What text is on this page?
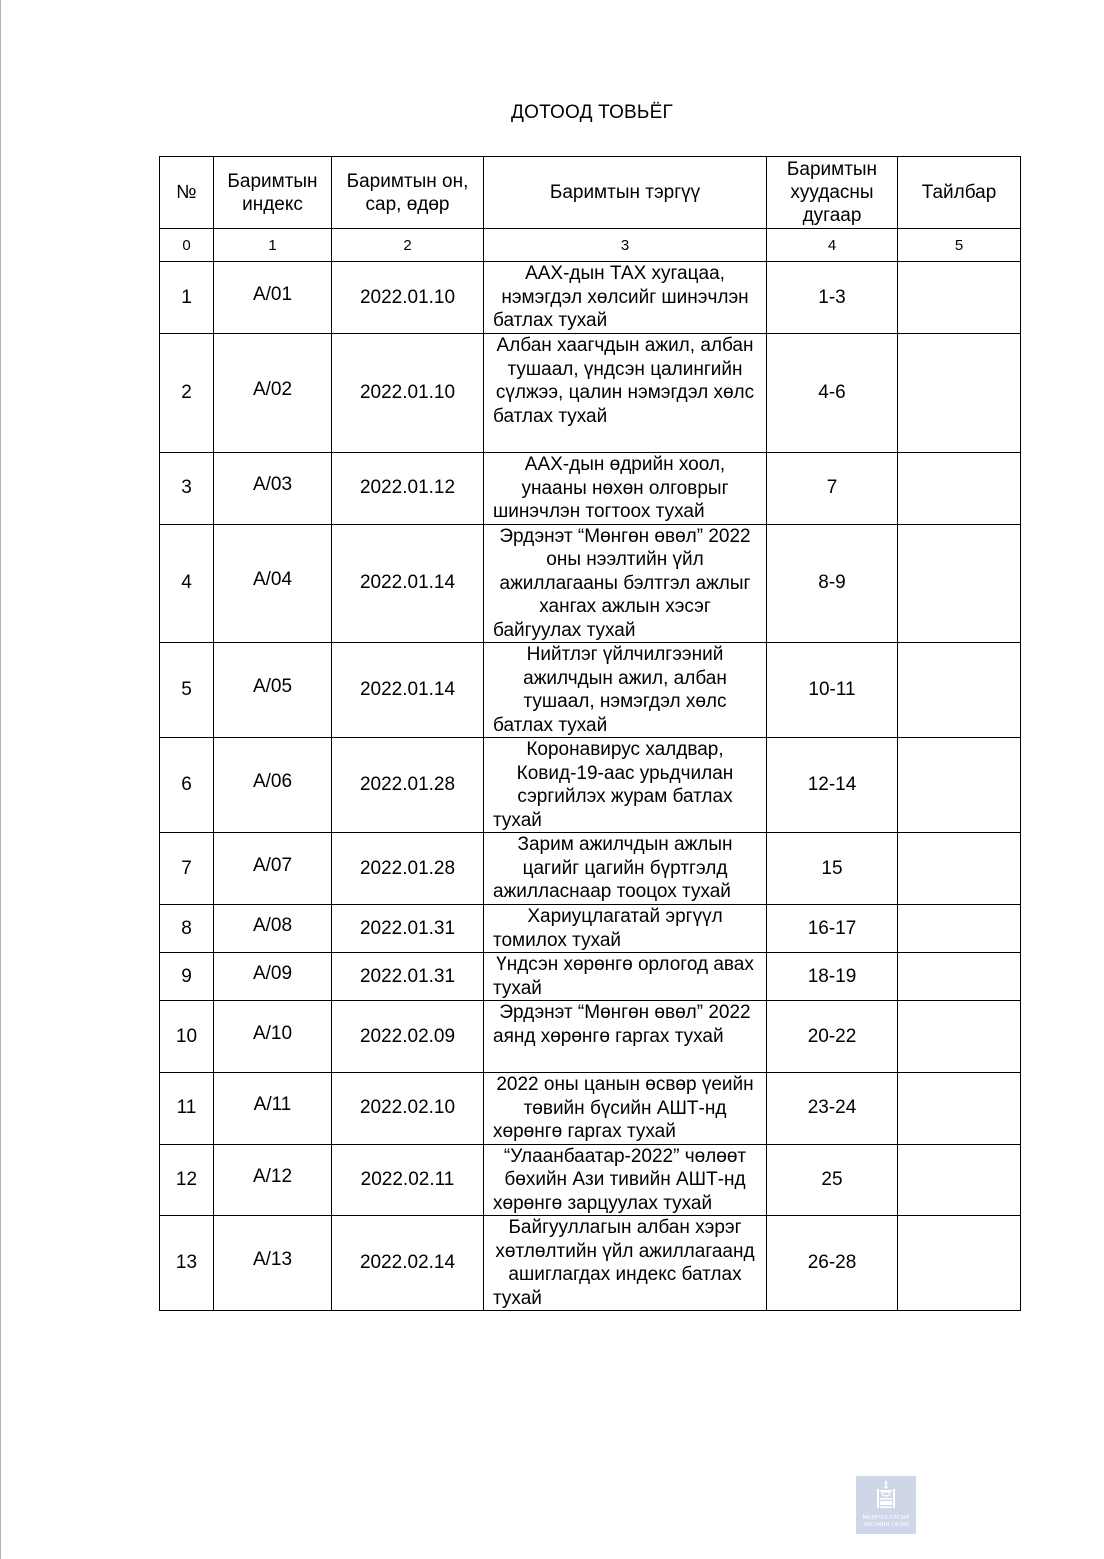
ДОТООД ТОВЬЁГ
№	Баримтын индекс	Баримтын он, сар, өдөр	Баримтын тэргүү	Баримтын хуудасны дугаар	Тайлбар
0	1	2	3	4	5
1	А/01	2022.01.10	ААХ-дын ТАХ хугацаа, нэмэгдэл хөлсийг шинэчлэн батлах тухай	1-3	
2	А/02	2022.01.10	Албан хаагчдын ажил, албан тушаал, үндсэн цалингийн сүлжээ, цалин нэмэгдэл хөлс батлах тухай	4-6	
3	А/03	2022.01.12	ААХ-дын өдрийн хоол, унааны нөхөн олговрыг шинэчлэн тогтоох тухай	7	
4	А/04	2022.01.14	Эрдэнэт “Мөнгөн өвөл” 2022 оны нээлтийн үйл ажиллагааны бэлтгэл ажлыг хангах ажлын хэсэг байгуулах тухай	8-9	
5	А/05	2022.01.14	Нийтлэг үйлчилгээний ажилчдын ажил, албан тушаал, нэмэгдэл хөлс батлах тухай	10-11	
6	А/06	2022.01.28	Коронавирус халдвар, Ковид-19-аас урьдчилан сэргийлэх журам батлах тухай	12-14	
7	А/07	2022.01.28	Зарим ажилчдын ажлын цагийг цагийн бүртгэлд ажилласнаар тооцох тухай	15	
8	А/08	2022.01.31	Хариуцлагатай эргүүл томилох тухай	16-17	
9	А/09	2022.01.31	Үндсэн хөрөнгө орлогод авах тухай	18-19	
10	А/10	2022.02.09	Эрдэнэт “Мөнгөн өвөл” 2022 аянд хөрөнгө гаргах тухай	20-22	
11	А/11	2022.02.10	2022 оны цанын өсвөр үеийн төвийн бүсийн АШТ-нд хөрөнгө гаргах тухай	23-24	
12	А/12	2022.02.11	“Улаанбаатар-2022” чөлөөт бөхийн Ази тивийн АШТ-нд хөрөнгө зарцуулах тухай	25	
13	А/13	2022.02.14	Байгууллагын албан хэрэг хөтлөлтийн үйл ажиллагаанд ашиглагдах индекс батлах тухай	26-28	
МОНГОЛ УЛСЫН
ЗАСГИЙН ГАЗАР
